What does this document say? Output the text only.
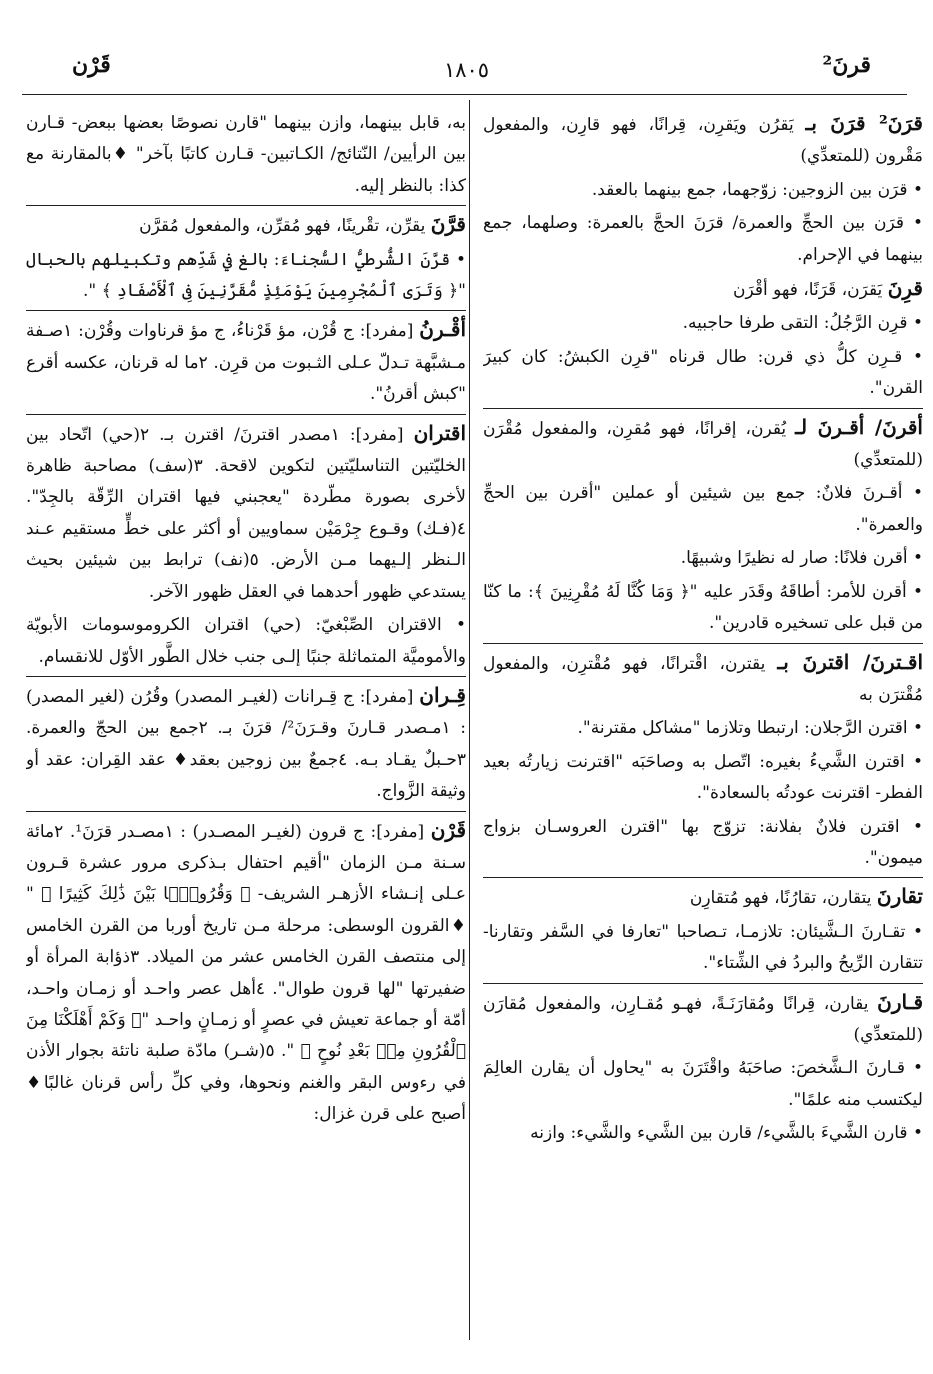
قرنَ²
١٨٠٥
قَرْن

قرَنَ² قرَنَ بـ يَقرُن ويَقرِن، قِرانًا، فهو قارِن، والمفعول مَقْرون (للمتعدِّي)

• قرَن بين الزوجين: زوّجهما، جمع بينهما بالعقد.

• قرَن بين الحجِّ والعمرة/ قرَنَ الحجَّ بالعمرة: وصلهما، جمع بينهما في الإحرام.

قرِنَ يَقرَن، قَرَنًا، فهو أقْرَن

• قرِن الرَّجُلُ: التقى طرفا حاجبيه.

• قـرِن كلُّ ذي قرن: طال قرناه "قرِن الكبشُ: كان كبيرَ القرن".

أقرنَ/ أقـرنَ لـ يُقرن، إقرانًا، فهو مُقرِن، والمفعول مُقْرَن (للمتعدِّي)

• أقـرنَ فلانٌ: جمع بين شيئين أو عملين "أقرن بين الحجِّ والعمرة".

• أقرن فلانًا: صار له نظيرًا وشبيهًا.

• أقرن للأمر: أطاقَهُ وقَدَر عليه "﴿ وَمَا كُنَّا لَهُ مُقْرِنِينَ ﴾: ما كنّا من قبل على تسخيره قادرين".

اقـترنَ/ اقترنَ بـ يقترن، اقْترانًا، فهو مُقْترِن، والمفعول مُقْترَن به

• اقترن الرَّجلان: ارتبطا وتلازما "مشاكل مقترنة".

• اقترن الشَّيءُ بغيره: اتّصل به وصاحَبَه "اقترنت زيارتُه بعيد الفطر- اقترنت عودتُه بالسعادة".

• اقترن فلانٌ بفلانة: تزوّج بها "اقترن العروسـان بزواج ميمون".

تقارنَ يتقارن، تقارُنًا، فهو مُتقارِن

• تقـارنَ الـشَّيئان: تلازمـا، تـصاحبا "تعارفا في السَّفر وتقارنا- تتقارن الرِّيحُ والبردُ في الشِّتاء".

قـارنَ يقارن، قِرانًا ومُقارَنَـةً، فهـو مُقـارِن، والمفعول مُقارَن (للمتعدِّي)

• قـارنَ الـشَّخصَ: صاحَبَهُ واقْتَرَنَ به "يحاول أن يقارن العالِمَ ليكتسب منه علمًا".

• قارن الشَّيءَ بالشَّيء/ قارن بين الشَّيء والشَّيء: وازنه

به، قابل بينهما، وازن بينهما "قارن نصوصًا بعضها ببعض- قـارن بين الرأيين/ النّتائج/ الكـاتبين- قـارن كاتبًا بآخر" ♦بالمقارنة مع كذا: بالنظر إليه.

قرَّنَ يقرِّن، تقْرينًا، فهو مُقرِّن، والمفعول مُقرَّن

• قرَّنَ الشُّرطيُّ السُّجناءَ: بالغ في شَدِّهم وتكبيلهم بالحبال "﴿ وَتَرَى ٱلْمُجْرِمِينَ يَوْمَئِذٍ مُّقَرَّنِينَ فِى ٱلْأَصْفَادِ ﴾ ".

أقْـرنُ [مفرد]: ج قُرْن، مؤ قَرْناءُ، ج مؤ قرناوات وقُرْن: ١صـفة مـشبَّهة تـدلّ عـلى الثـبوت من قرِن. ٢ما له قرنان، عكسه أقرع "كبش أقرنُ".

اقتران [مفرد]: ١مصدر اقترنَ/ اقترن بـ. ٢(حي) اتّحاد بين الخليّتين التناسليّتين لتكوين لاقحة. ٣(سف) مصاحبة ظاهرة لأخرى بصورة مطّردة "يعجبني فيها اقتران الرِّقّة بالجِدّ". ٤(فـك) وقـوع جِرْمَيْن سماويين أو أكثر على خطٍّ مستقيم عـند الـنظر إلـيهما مـن الأرض. ٥(نف) ترابط بين شيئين بحيث يستدعي ظهور أحدهما في العقل ظهور الآخر.

• الاقتران الصِّبْغيّ: (حي) اقتران الكروموسومات الأبويّة والأموميَّة المتماثلة جنبًا إلـى جنب خلال الطَّور الأوّل للانقسام.

قِـران [مفرد]: ج قِـرانات (لغيـر المصدر) وقُرُن (لغير المصدر) : ١مـصدر قـارنَ وقـرَنَ²/ قرَنَ بـ. ٢جمع بين الحجّ والعمرة. ٣حـبلٌ يقـاد بـه. ٤جمعٌ بين زوجين بعقد♦ عقد القِران: عقد أو وثيقة الزَّواج.

قَرْن [مفرد]: ج قرون (لغيـر المصـدر) : ١مصـدر قرَنَ¹. ٢مائة سـنة مـن الزمان "أقيم احتفال بـذكرى مرور عشرة قـرون عـلى إنـشاء الأزهـر الشريف- ﴿ وَقُرُونًۢا بَيْنَ ذَٰلِكَ كَثِيرًا ﴾ " ♦القرون الوسطى: مرحلة مـن تاريخ أوربا من القرن الخامس إلى منتصف القرن الخامس عشر من الميلاد. ٣ذؤابة المرأة أو ضفيرتها "لها قرون طوال". ٤أهل عصر واحـد أو زمـان واحـد، أمّة أو جماعة تعيش في عصرٍ أو زمـانٍ واحـد "﴿ وَكَمْ أَهْلَكْنَا مِنَ ٱلْقُرُونِ مِنۢ بَعْدِ نُوحٍ ﴾ ". ٥(شـر) مادّة صلبة ناتئة بجوار الأذن في رءوس البقر والغنم ونحوها، وفي كلِّ رأس قرنان غالبًا♦ أصبح على قرن غزال:
